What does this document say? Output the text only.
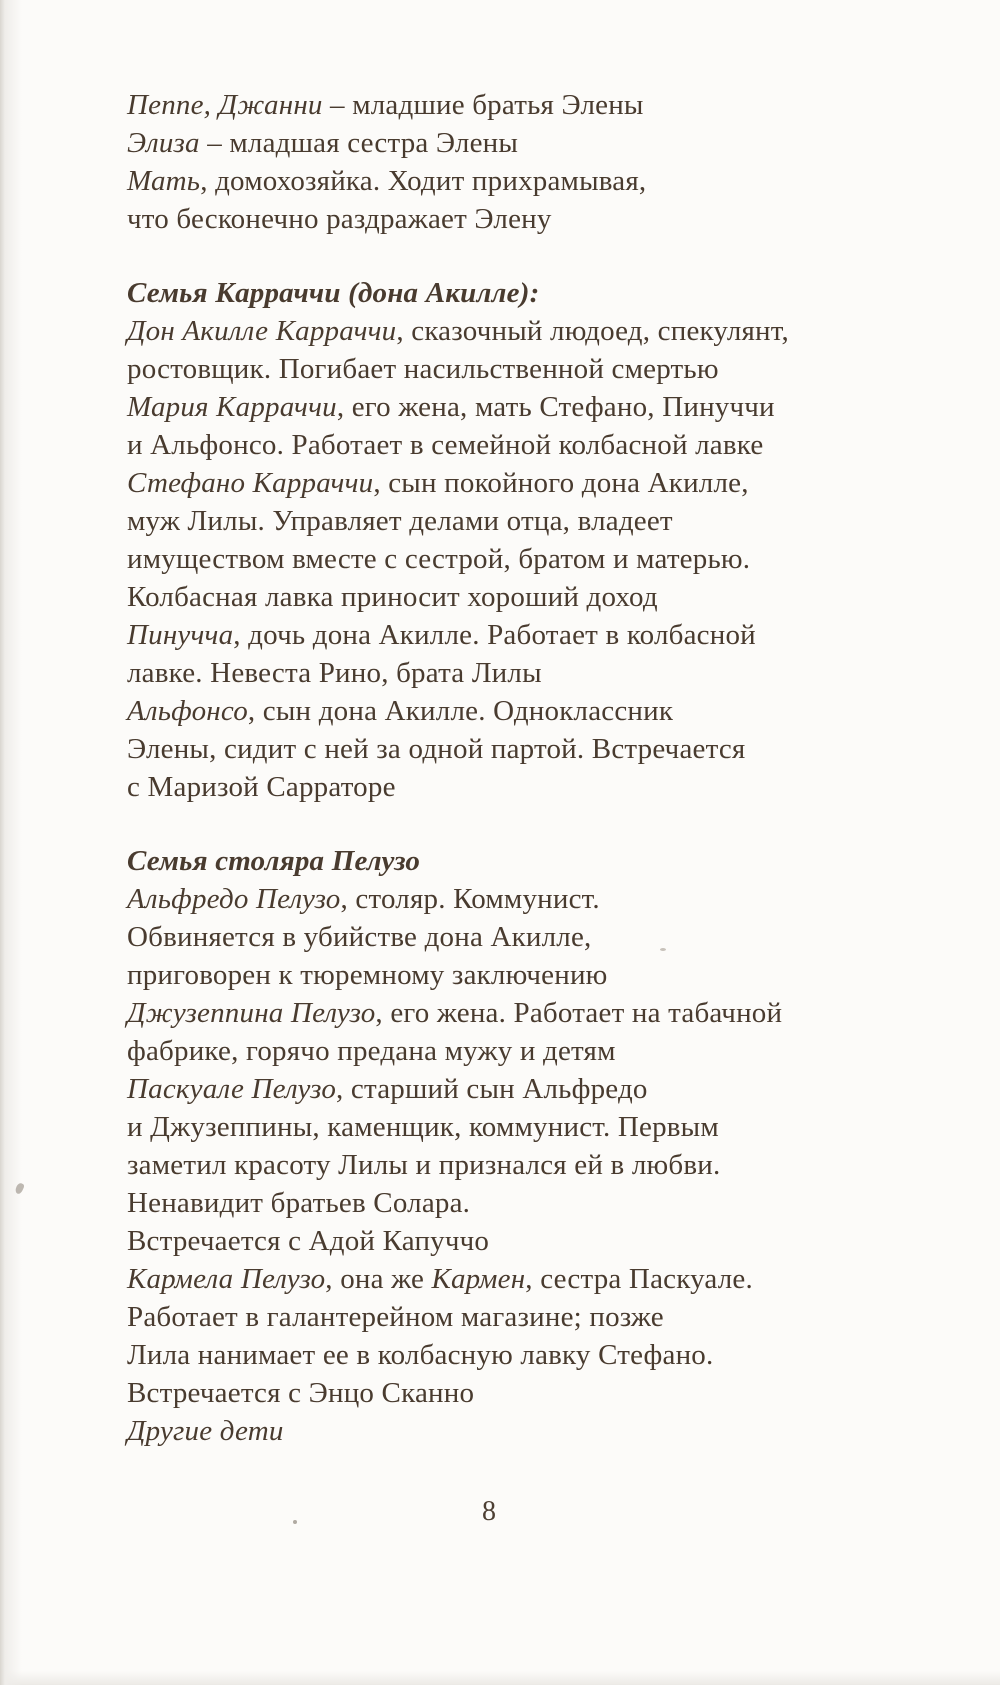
Пеппе, Джанни – младшие братья Элены
Элиза – младшая сестра Элены
Мать, домохозяйка. Ходит прихрамывая,
что бесконечно раздражает Элену
Семья Карраччи (дона Акилле):
Дон Акилле Карраччи, сказочный людоед, спекулянт,
ростовщик. Погибает насильственной смертью
Мария Карраччи, его жена, мать Стефано, Пинуччи
и Альфонсо. Работает в семейной колбасной лавке
Стефано Карраччи, сын покойного дона Акилле,
муж Лилы. Управляет делами отца, владеет
имуществом вместе с сестрой, братом и матерью.
Колбасная лавка приносит хороший доход
Пинучча, дочь дона Акилле. Работает в колбасной
лавке. Невеста Рино, брата Лилы
Альфонсо, сын дона Акилле. Одноклассник
Элены, сидит с ней за одной партой. Встречается
с Маризой Сарраторе
Семья столяра Пелузо
Альфредо Пелузо, столяр. Коммунист.
Обвиняется в убийстве дона Акилле,
приговорен к тюремному заключению
Джузеппина Пелузо, его жена. Работает на табачной
фабрике, горячо предана мужу и детям
Паскуале Пелузо, старший сын Альфредо
и Джузеппины, каменщик, коммунист. Первым
заметил красоту Лилы и признался ей в любви.
Ненавидит братьев Солара.
Встречается с Адой Капуччо
Кармела Пелузо, она же Кармен, сестра Паскуале.
Работает в галантерейном магазине; позже
Лила нанимает ее в колбасную лавку Стефано.
Встречается с Энцо Сканно
Другие дети
8
